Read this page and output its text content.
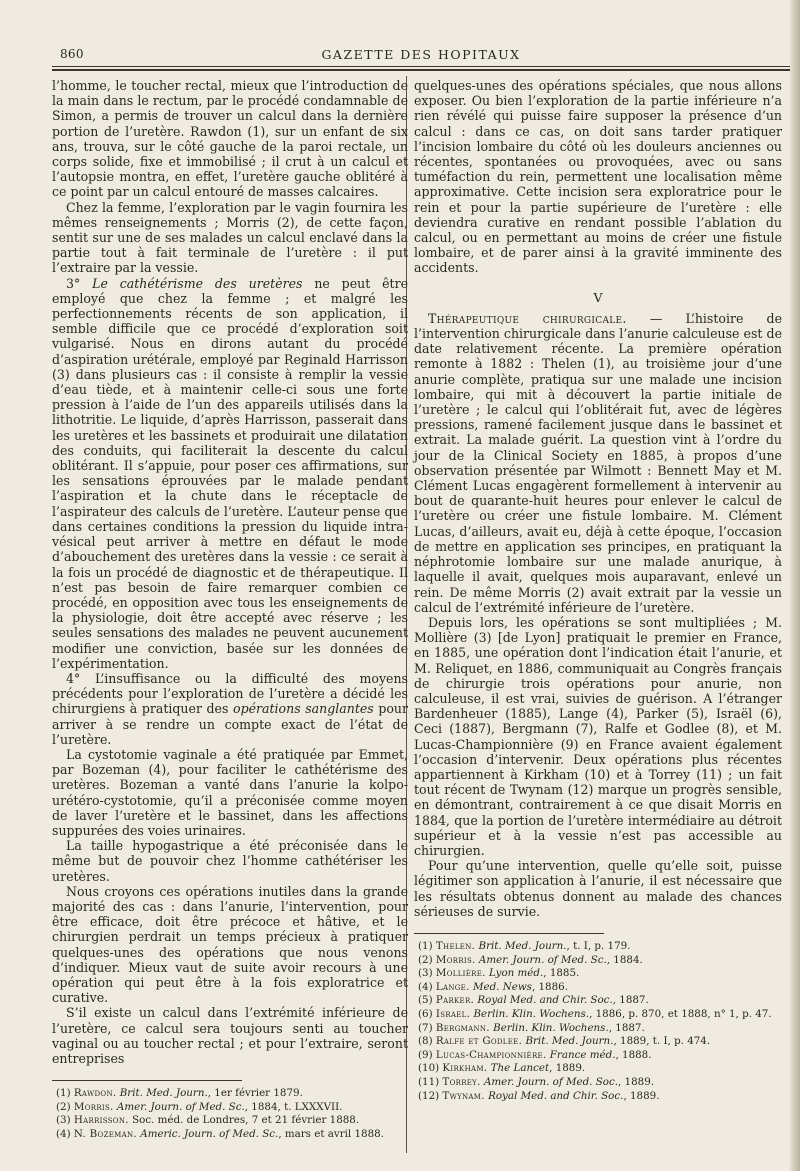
860	GAZETTE DES HOPITAUX

l’homme, le toucher rectal, mieux que l’introduction de la main dans le rectum, par le procédé condamnable de Simon, a permis de trouver un calcul dans la dernière portion de l’uretère. Rawdon (1), sur un enfant de six ans, trouva, sur le côté gauche de la paroi rectale, un corps solide, fixe et immobilisé ; il crut à un calcul et l’autopsie montra, en effet, l’uretère gauche oblitéré à ce point par un calcul entouré de masses calcaires.

Chez la femme, l’exploration par le vagin fournira les mêmes renseignements ; Morris (2), de cette façon, sentit sur une de ses malades un calcul enclavé dans la partie tout à fait terminale de l’uretère : il put l’extraire par la vessie.

3° Le cathétérisme des uretères ne peut être employé que chez la femme ; et malgré les perfectionnements récents de son application, il semble difficile que ce procédé d’exploration soit vulgarisé. Nous en dirons autant du procédé d’aspiration urétérale, employé par Reginald Harrisson (3) dans plusieurs cas : il consiste à remplir la vessie d’eau tiède, et à maintenir celle-ci sous une forte pression à l’aide de l’un des appareils utilisés dans la lithotritie. Le liquide, d’après Harrisson, passerait dans les uretères et les bassinets et produirait une dilatation des conduits, qui faciliterait la descente du calcul oblitérant. Il s’appuie, pour poser ces affirmations, sur les sensations éprouvées par le malade pendant l’aspiration et la chute dans le réceptacle de l’aspirateur des calculs de l’uretère. L’auteur pense que dans certaines conditions la pression du liquide intra-vésical peut arriver à mettre en défaut le mode d’abouchement des uretères dans la vessie : ce serait à la fois un procédé de diagnostic et de thérapeutique. Il n’est pas besoin de faire remarquer combien ce procédé, en opposition avec tous les enseignements de la physiologie, doit être accepté avec réserve ; les seules sensations des malades ne peuvent aucunement modifier une conviction, basée sur les données de l’expérimentation.

4° L’insuffisance ou la difficulté des moyens précédents pour l’exploration de l’uretère a décidé les chirurgiens à pratiquer des opérations sanglantes pour arriver à se rendre un compte exact de l’état de l’uretère.

La cystotomie vaginale a été pratiquée par Emmet, par Bozeman (4), pour faciliter le cathétérisme des uretères. Bozeman a vanté dans l’anurie la kolpo-urétéro-cystotomie, qu’il a préconisée comme moyen de laver l’uretère et le bassinet, dans les affections suppurées des voies urinaires.

La taille hypogastrique a été préconisée dans le même but de pouvoir chez l’homme cathétériser les uretères.

Nous croyons ces opérations inutiles dans la grande majorité des cas : dans l’anurie, l’intervention, pour être efficace, doit être précoce et hâtive, et le chirurgien perdrait un temps précieux à pratiquer quelques-unes des opérations que nous venons d’indiquer. Mieux vaut de suite avoir recours à une opération qui peut être à la fois exploratrice et curative.

S’il existe un calcul dans l’extrémité inférieure de l’uretère, ce calcul sera toujours senti au toucher vaginal ou au toucher rectal ; et pour l’extraire, seront entreprises

(1) Rawdon. Brit. Med. Journ., 1er février 1879.
(2) Morris. Amer. Journ. of Med. Sc., 1884, t. LXXXVII.
(3) Harrisson. Soc. méd. de Londres, 7 et 21 février 1888.
(4) N. Bozeman. Americ. Journ. of Med. Sc., mars et avril 1888.

quelques-unes des opérations spéciales, que nous allons exposer. Ou bien l’exploration de la partie inférieure n’a rien révélé qui puisse faire supposer la présence d’un calcul : dans ce cas, on doit sans tarder pratiquer l’incision lombaire du côté où les douleurs anciennes ou récentes, spontanées ou provoquées, avec ou sans tuméfaction du rein, permettent une localisation même approximative. Cette incision sera exploratrice pour le rein et pour la partie supérieure de l’uretère : elle deviendra curative en rendant possible l’ablation du calcul, ou en permettant au moins de créer une fistule lombaire, et de parer ainsi à la gravité imminente des accidents.

V

Thérapeutique chirurgicale. — L’histoire de l’intervention chirurgicale dans l’anurie calculeuse est de date relativement récente. La première opération remonte à 1882 : Thelen (1), au troisième jour d’une anurie complète, pratiqua sur une malade une incision lombaire, qui mit à découvert la partie initiale de l’uretère ; le calcul qui l’oblitérait fut, avec de légères pressions, ramené facilement jusque dans le bassinet et extrait. La malade guérit. La question vint à l’ordre du jour de la Clinical Society en 1885, à propos d’une observation présentée par Wilmott : Bennett May et M. Clément Lucas engagèrent formellement à intervenir au bout de quarante-huit heures pour enlever le calcul de l’uretère ou créer une fistule lombaire. M. Clément Lucas, d’ailleurs, avait eu, déjà à cette époque, l’occasion de mettre en application ses principes, en pratiquant la néphrotomie lombaire sur une malade anurique, à laquelle il avait, quelques mois auparavant, enlevé un rein. De même Morris (2) avait extrait par la vessie un calcul de l’extrémité inférieure de l’uretère.

Depuis lors, les opérations se sont multipliées ; M. Mollière (3) [de Lyon] pratiquait le premier en France, en 1885, une opération dont l’indication était l’anurie, et M. Reliquet, en 1886, communiquait au Congrès français de chirurgie trois opérations pour anurie, non calculeuse, il est vrai, suivies de guérison. A l’étranger Bardenheuer (1885), Lange (4), Parker (5), Israël (6), Ceci (1887), Bergmann (7), Ralfe et Godlee (8), et M. Lucas-Championnière (9) en France avaient également l’occasion d’intervenir. Deux opérations plus récentes appartiennent à Kirkham (10) et à Torrey (11) ; un fait tout récent de Twynam (12) marque un progrès sensible, en démontrant, contrairement à ce que disait Morris en 1884, que la portion de l’uretère intermédiaire au détroit supérieur et à la vessie n’est pas accessible au chirurgien.

Pour qu’une intervention, quelle qu’elle soit, puisse légitimer son application à l’anurie, il est nécessaire que les résultats obtenus donnent au malade des chances sérieuses de survie.

(1) Thelen. Brit. Med. Journ., t. I, p. 179.
(2) Morris. Amer. Journ. of Med. Sc., 1884.
(3) Mollière. Lyon méd., 1885.
(4) Lange. Med. News, 1886.
(5) Parker. Royal Med. and Chir. Soc., 1887.
(6) Israel. Berlin. Klin. Wochens., 1886, p. 870, et 1888, n° 1, p. 47.
(7) Bergmann. Berlin. Klin. Wochens., 1887.
(8) Ralfe et Godlee. Brit. Med. Journ., 1889, t. I, p. 474.
(9) Lucas-Championnière. France méd., 1888.
(10) Kirkham. The Lancet, 1889.
(11) Torrey. Amer. Journ. of Med. Soc., 1889.
(12) Twynam. Royal Med. and Chir. Soc., 1889.
